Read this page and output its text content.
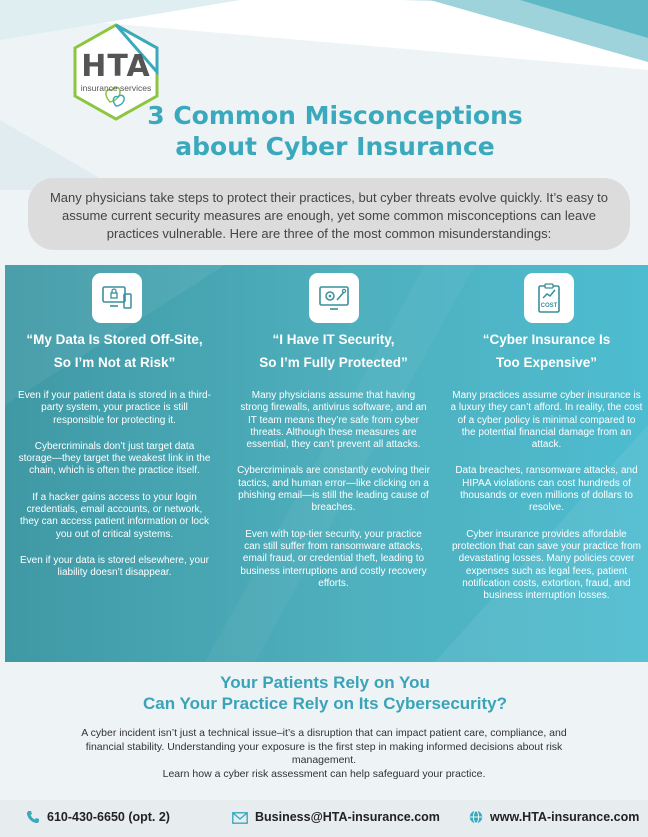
HTA
insurance services
3 Common Misconceptions
about Cyber Insurance
Many physicians take steps to protect their practices, but cyber threats evolve quickly. It’s easy to assume current security measures are enough, yet some common misconceptions can leave practices vulnerable. Here are three of the most common misunderstandings:
“My Data Is Stored Off-Site,
So I’m Not at Risk”

Even if your patient data is stored in a third-party system, your practice is still responsible for protecting it.

Cybercriminals don’t just target data storage—they target the weakest link in the chain, which is often the practice itself.

If a hacker gains access to your login credentials, email accounts, or network, they can access patient information or lock you out of critical systems.

Even if your data is stored elsewhere, your liability doesn’t disappear.

“I Have IT Security,
So I’m Fully Protected”

Many physicians assume that having strong firewalls, antivirus software, and an IT team means they’re safe from cyber threats. Although these measures are essential, they can’t prevent all attacks.

Cybercriminals are constantly evolving their tactics, and human error—like clicking on a phishing email—is still the leading cause of breaches.

Even with top-tier security, your practice can still suffer from ransomware attacks, email fraud, or credential theft, leading to business interruptions and costly recovery efforts.

COST
“Cyber Insurance Is
Too Expensive”

Many practices assume cyber insurance is a luxury they can’t afford. In reality, the cost of a cyber policy is minimal compared to the potential financial damage from an attack.

Data breaches, ransomware attacks, and HIPAA violations can cost hundreds of thousands or even millions of dollars to resolve.

Cyber insurance provides affordable protection that can save your practice from devastating losses. Many policies cover expenses such as legal fees, patient notification costs, extortion, fraud, and business interruption losses.

Your Patients Rely on You
Can Your Practice Rely on Its Cybersecurity?

A cyber incident isn’t just a technical issue–it’s a disruption that can impact patient care, compliance, and financial stability. Understanding your exposure is the first step in making informed decisions about risk management.

Learn how a cyber risk assessment can help safeguard your practice.

610-430-6650 (opt. 2)	Business@HTA-insurance.com	www.HTA-insurance.com
